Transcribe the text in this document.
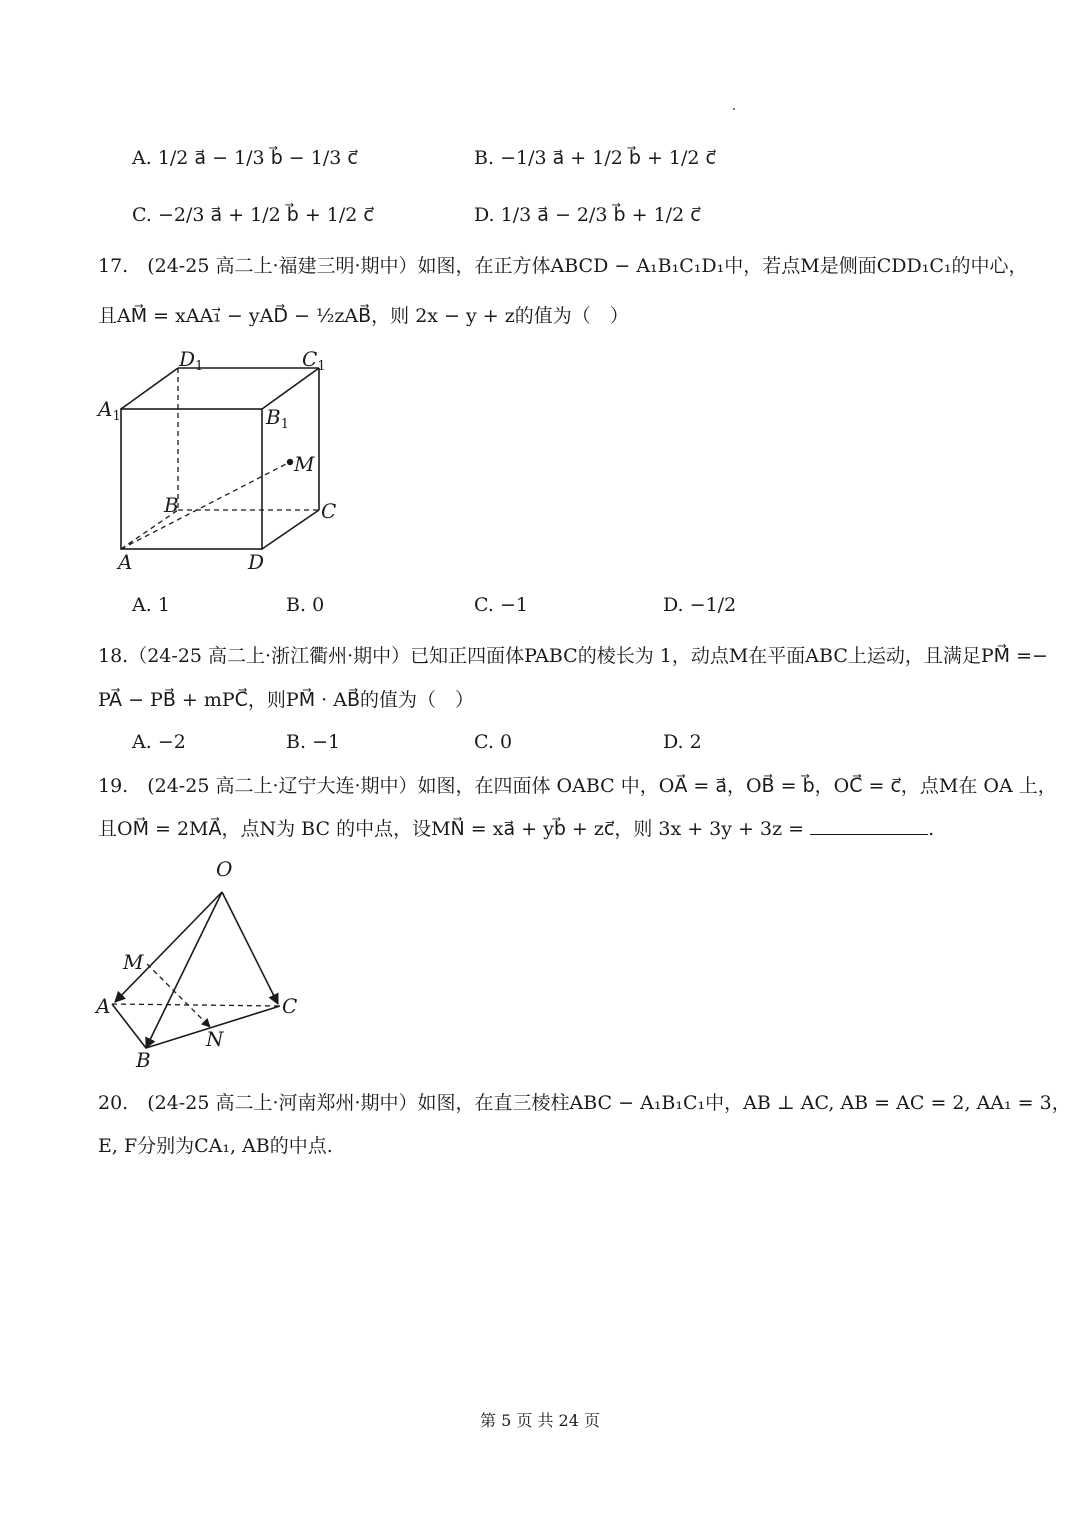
A. 1/2 a⃗ − 1/3 b⃗ − 1/3 c⃗	B. −1/3 a⃗ + 1/2 b⃗ + 1/2 c⃗
C. −2/3 a⃗ + 1/2 b⃗ + 1/2 c⃗	D. 1/3 a⃗ − 2/3 b⃗ + 1/2 c⃗
17.　(24-25 高二上·福建三明·期中）如图，在正方体ABCD − A₁B₁C₁D₁中，若点M是侧面CDD₁C₁的中心，
且AM⃗ = xAA₁⃗ − yAD⃗ − ½zAB⃗，则 2x − y + z的值为（　）
$D_1$	$C_1$
$A_1$	$B_1$
M
B	C
A	D
A. 1	B. 0	C. −1	D. −1/2
18.（24-25 高二上·浙江衢州·期中）已知正四面体PABC的棱长为 1，动点M在平面ABC上运动，且满足PM⃗ =−
PA⃗ − PB⃗ + mPC⃗，则PM⃗ · AB⃗的值为（　）
A. −2	B. −1	C. 0	D. 2
19.　(24-25 高二上·辽宁大连·期中）如图，在四面体 OABC 中，OA⃗ = a⃗，OB⃗ = b⃗，OC⃗ = c⃗，点M在 OA 上，
且OM⃗ = 2MA⃗，点N为 BC 的中点，设MN⃗ = xa⃗ + yb⃗ + zc⃗，则 3x + 3y + 3z =	.
O
M
A	C
N
B
20.　(24-25 高二上·河南郑州·期中）如图，在直三棱柱ABC − A₁B₁C₁中，AB ⊥ AC, AB = AC = 2, AA₁ = 3，
E, F分别为CA₁, AB的中点.
第 5 页 共 24 页
